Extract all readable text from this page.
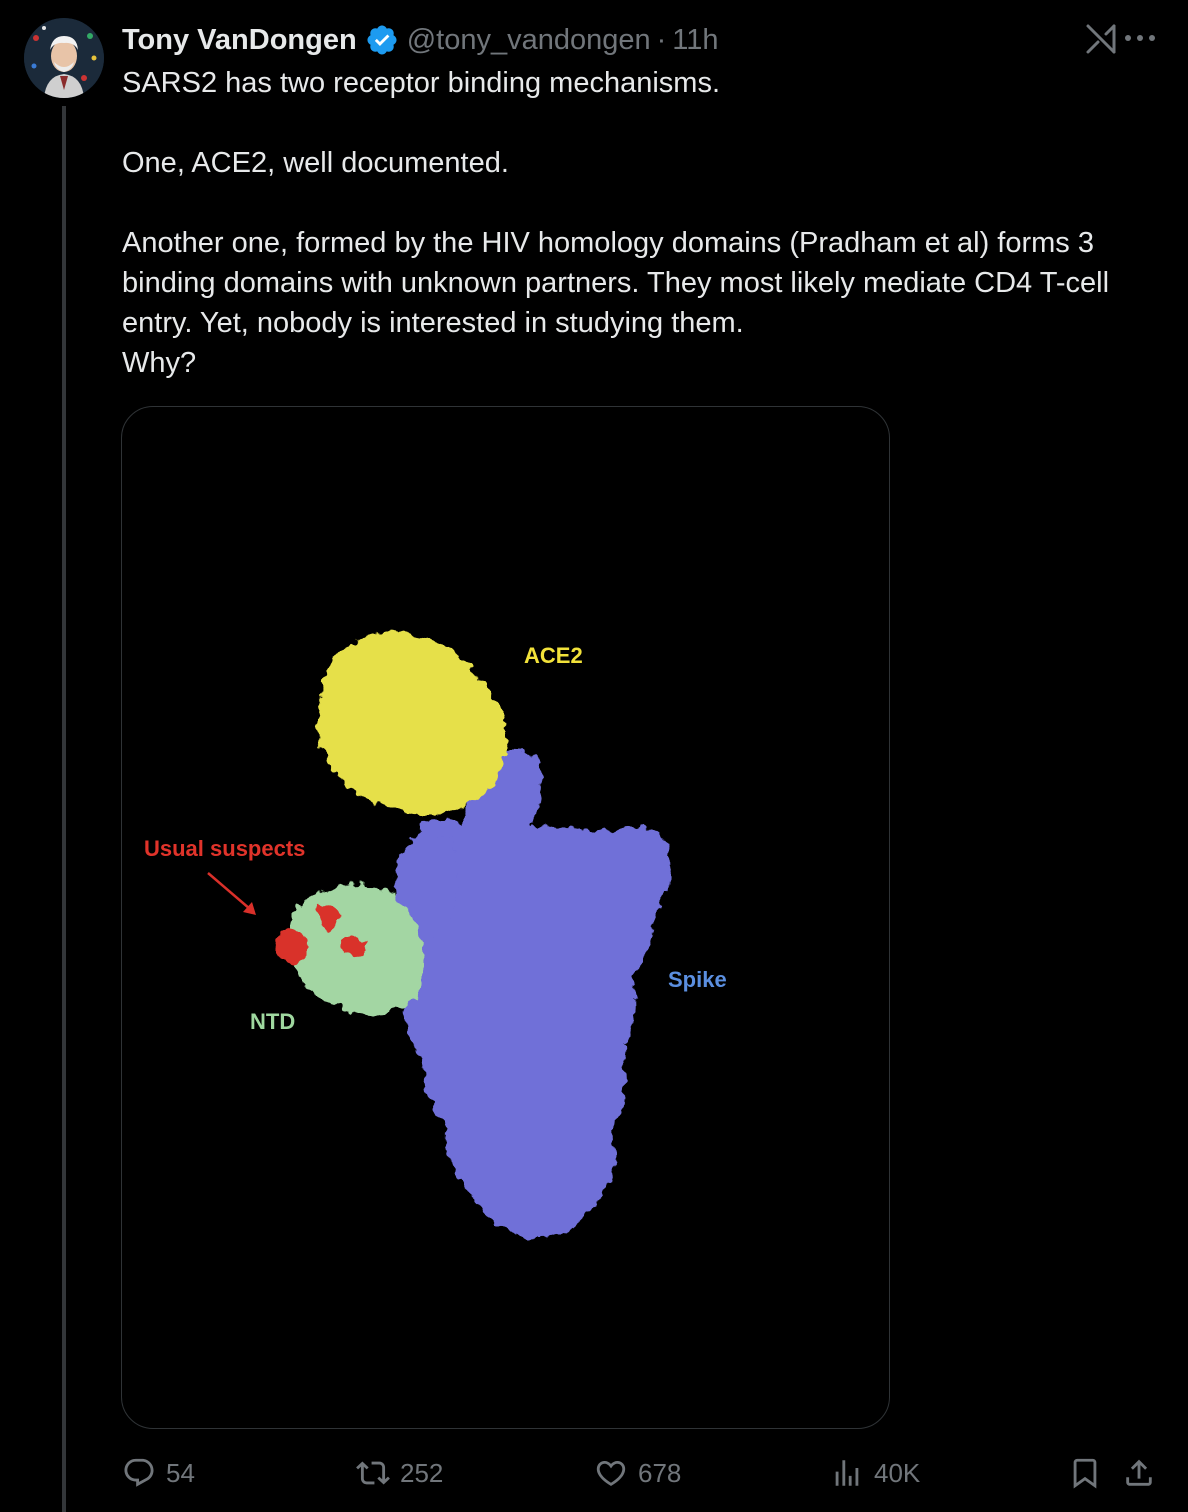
Tony VanDongen @tony_vandongen · 11h

SARS2 has two receptor binding mechanisms.

One, ACE2, well documented.

Another one, formed by the HIV homology domains (Pradham et al) forms 3 binding domains with unknown partners. They most likely mediate CD4 T-cell entry. Yet, nobody is interested in studying them.

Why?

ACE2
Usual suspects
NTD
Spike
54	252	678	40K
